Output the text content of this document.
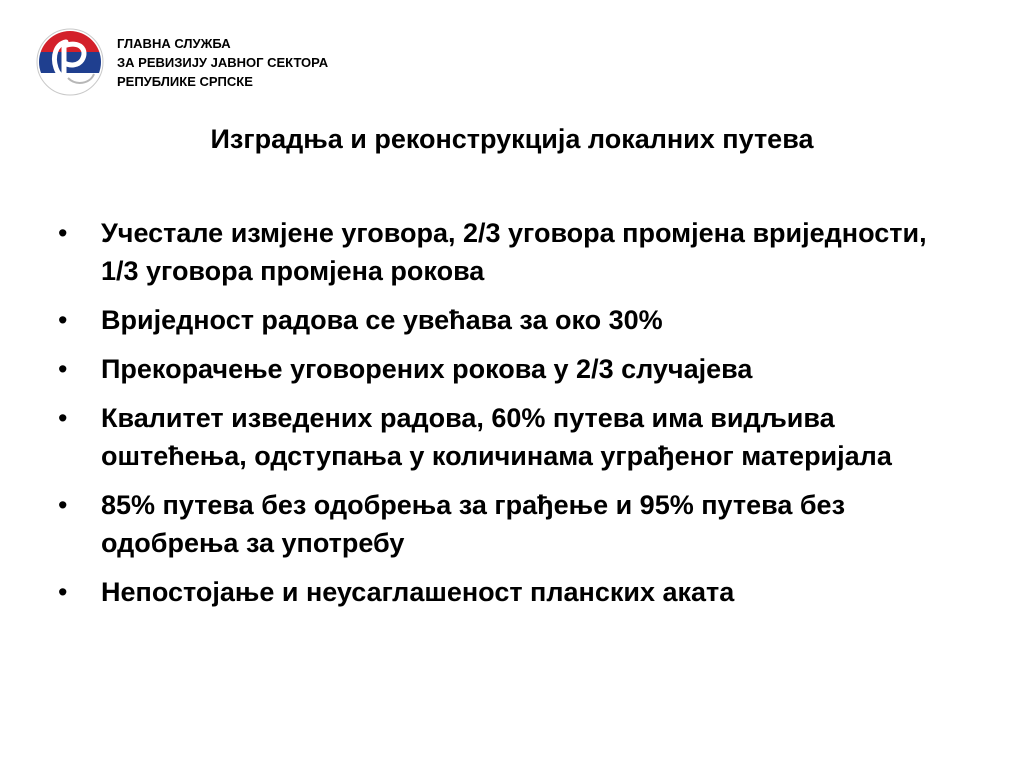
ГЛАВНА СЛУЖБА
ЗА РЕВИЗИЈУ ЈАВНОГ СЕКТОРА
РЕПУБЛИКЕ СРПСКЕ
Изградња и реконструкција локалних путева
• Учестале измјене уговора, 2/3 уговора промјена вриједности, 1/3 уговора промјена рокова
• Вриједност радова се увећава за око 30%
• Прекорачење уговорених рокова у 2/3 случајева
• Квалитет изведених радова, 60% путева има видљива оштећења, одступања у количинама уграђеног материјала
• 85% путева без одобрења за грађење и 95% путева без одобрења за употребу
• Непостојање и неусаглашеност планских аката
